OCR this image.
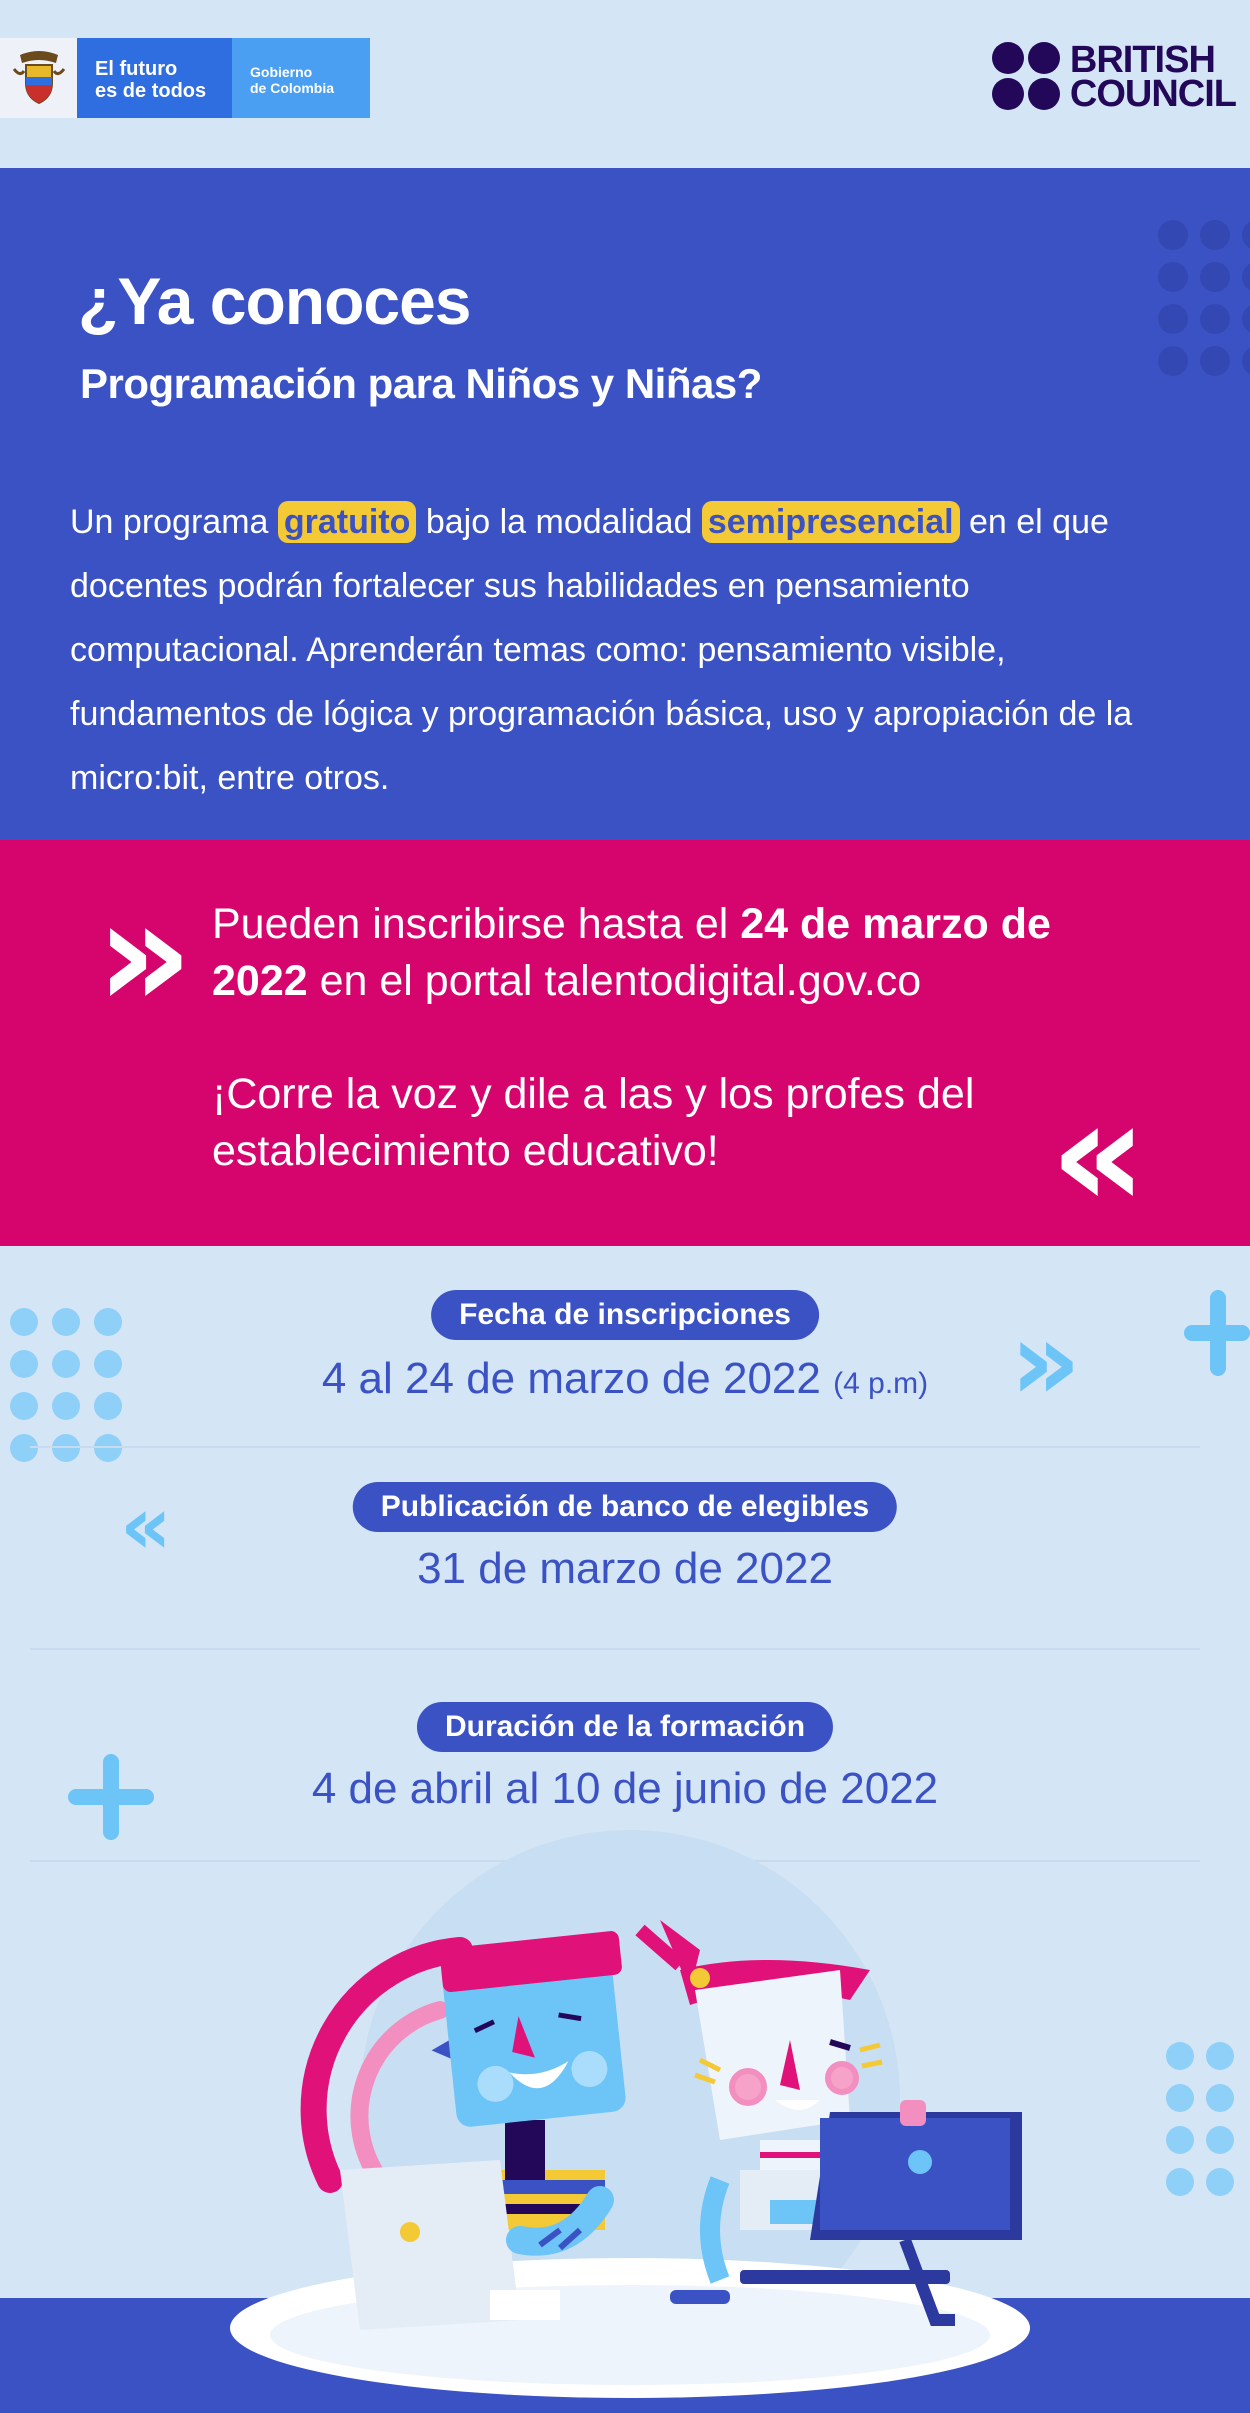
El futuro
es de todos
Gobierno
de Colombia
BRITISH
COUNCIL
¿Ya conoces
Programación para Niños y Niñas?

Un programa gratuito bajo la modalidad semipresencial en el que docentes podrán fortalecer sus habilidades en pensamiento computacional. Aprenderán temas como: pensamiento visible, fundamentos de lógica y programación básica, uso y apropiación de la micro:bit, entre otros.

» Pueden inscribirse hasta el 24 de marzo de 2022 en el portal talentodigital.gov.co

¡Corre la voz y dile a las y los profes del establecimiento educativo!	«
»
«
Fecha de inscripciones
4 al 24 de marzo de 2022 (4 p.m)
Publicación de banco de elegibles
31 de marzo de 2022
Duración de la formación
4 de abril al 10 de junio de 2022
